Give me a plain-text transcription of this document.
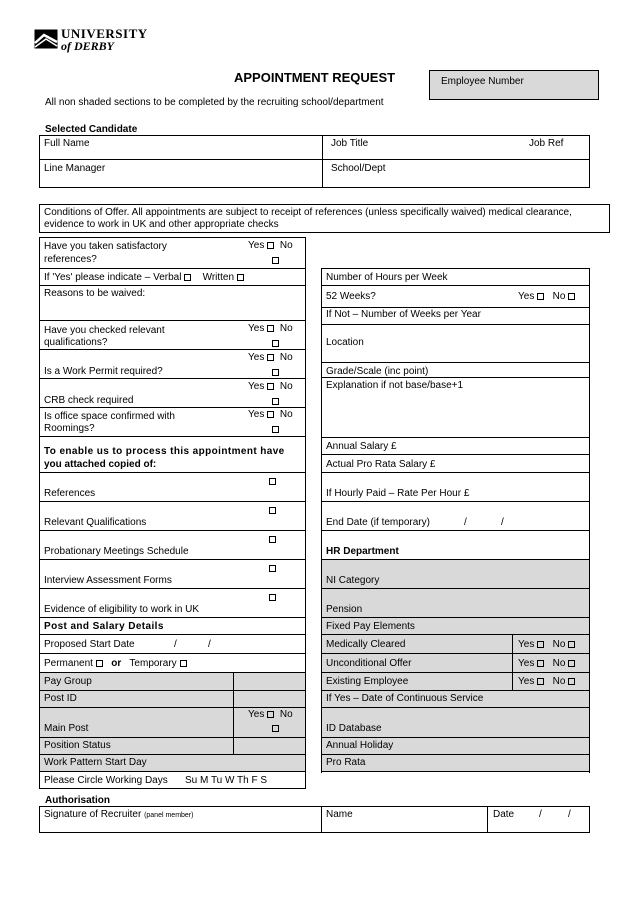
UNIVERSITY
of DERBY
APPOINTMENT REQUEST	Employee Number
All non shaded sections to be completed by the recruiting school/department
Selected Candidate
Full Name	Job Title	Job Ref
Line Manager	School/Dept
Conditions of Offer. All appointments are subject to receipt of references (unless specifically waived) medical clearance,
evidence to work in UK and other appropriate checks
Have you taken satisfactory
references?
Yes No
If 'Yes' please indicate – Verbal Written
Reasons to be waived:
Have you checked relevant
qualifications?
Yes No
Is a Work Permit required?
Yes No
CRB check required
Yes No
Is office space confirmed with
Roomings?
Yes No
To enable us to process this appointment have
you attached copied of:
References
Relevant Qualifications
Probationary Meetings Schedule
Interview Assessment Forms
Evidence of eligibility to work in UK
Post and Salary Details
Proposed Start Date	/	/
Permanent or Temporary
Pay Group
Post ID
Yes No
Main Post
Position Status
Work Pattern Start Day
Please Circle Working Days Su M Tu W Th F S
Number of Hours per Week
52 Weeks?	Yes No
If Not – Number of Weeks per Year
Location
Grade/Scale (inc point)
Explanation if not base/base+1
Annual Salary £
Actual Pro Rata Salary £
If Hourly Paid – Rate Per Hour £
End Date (if temporary)	/	/
HR Department
NI Category
Pension
Fixed Pay Elements
Medically Cleared	Yes No
Unconditional Offer	Yes No
Existing Employee	Yes No
If Yes – Date of Continuous Service
ID Database
Annual Holiday
Pro Rata
Authorisation
Signature of Recruiter (panel member)	Name	Date /	/
